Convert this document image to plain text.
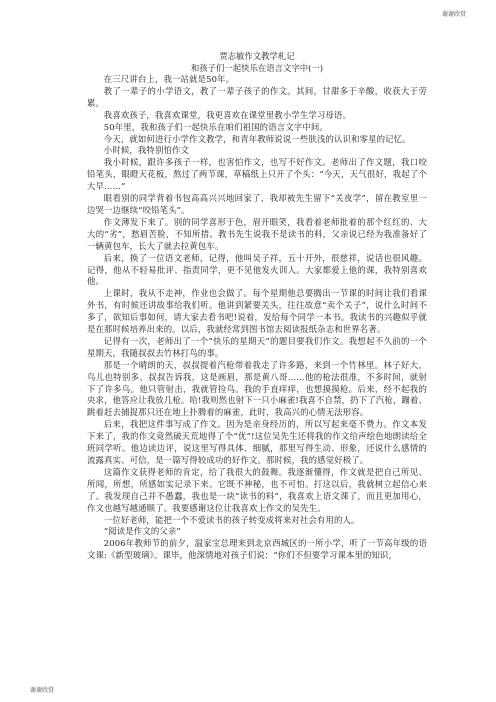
谢谢欣赏
贾志敏作文教学札记
和孩子们一起快乐在语言文字中(一)

在三尺讲台上，我一站就是50年。

教了一辈子的小学语文，教了一辈子孩子的作文。其间，甘甜多于辛酸，收获大于劳累。

我喜欢孩子，我喜欢课堂，我更喜欢在课堂里教小学生学习母语。

50年里，我和孩子们一起快乐在咱们祖国的语言文字中间。

今天，就如何进行小学作文教学，和青年教师说说一些肤浅的认识和零星的记忆。

小时候，我特别怕作文

我小时候，跟许多孩子一样，也害怕作文，也写不好作文。老师出了作文题，我口咬铅笔头，眼瞪天花板，熬过了两节课，草稿纸上只开了个头：“今天，天气很好，我起了个大早……”

眼看别的同学背着书包高高兴兴地回家了，我却被先生留下“关夜学”，留在教室里一边哭一边继续“咬铅笔头”。

作文薄发下来了。别的同学喜形于色，眉开眼笑，我看着老师批着的那个红红的、大大的“劣”，愁眉苦脸，不知所措。教书先生说我不是读书的料，父亲说已经为我准备好了一辆黄包车，长大了就去拉黄包车。

后来，换了一位语文老师，记得，他叫吴子祥，五十开外，很慈祥，说话也很风趣。记得，他从不轻易批评、指责同学，更不见他发火训人。大家都爱上他的课，我特别喜欢他。

上课时，我从不走神，作业也会做了。每个星期他总要腾出一节课的时间让我们看课外书，有时候还讲故事给我们听。他讲到紧要关头，往往故意“卖个关子”，说什么时间不多了，欲知后事如何，请大家去看书吧!说着，发给每个同学一本书。我读书的兴趣似乎就是在那时候培养出来的。以后，我就经常到图书馆去阅读报纸杂志和世界名著。

记得有一次，老师出了一个“快乐的星期天”的题目要我们作文。我想起不久前的一个星期天，我随叔叔去竹林打鸟的事。

那是一个晴朗的天，叔叔提着汽枪带着我走了许多路，来到一个竹林里。林子好大，鸟儿也特别多。叔叔告诉我，这是画眉，那是黄八哥……他的枪法很准，不多时间，就射下了许多鸟。他只管射击，我就管捡鸟。我的手直痒痒，也想摸摸枪。后来，经不起我的央求，他答应让我放几枪。哈!我则然也射下一只小麻雀!我喜不自禁，扔下了汽枪，蹦着、跳着赶去捕捉那只还在地上扑腾着的麻雀，此时，我高兴的心情无法形容。

后来，我把这件事写成了作文。因为是亲身经历的，所以写起来毫不费力。作文本发下来了，我的作文竟然破天荒地得了个“优”!这位吴先生还将我的作文给声绘色地朗读给全班同学听。他边读边评，说这里写得具体、细腻，那里写得生动、形象，还说什么感情的流露真实、可信，是一篇写得较成功的好作文。那时候，我的感觉好极了。

这篇作文获得老师的肯定，给了我很大的鼓舞。我逐渐懂得，作文就是把自己所见、所闻，所想，所感如实记录下来。它既不神秘，也不可怕。打这以后，我就树立起信心来了。我发现自己并不愚蠢，我也是一块“读书的料”，我喜欢上语文课了，而且更加用心，作文也越写越通顺了。我要感谢这位让我喜欢上作文的吴先生。

一位好老师，能把一个不爱读书的孩子转变成将来对社会有用的人。

“阅读是作文的父亲”

2006年教师节的前夕，温家宝总理来到北京西城区的一所小学，听了一节高年级的语文课:《新型玻璃》。课毕，他深情地对孩子们说：“你们不但要学习课本里的知识，

谢谢欣赏
